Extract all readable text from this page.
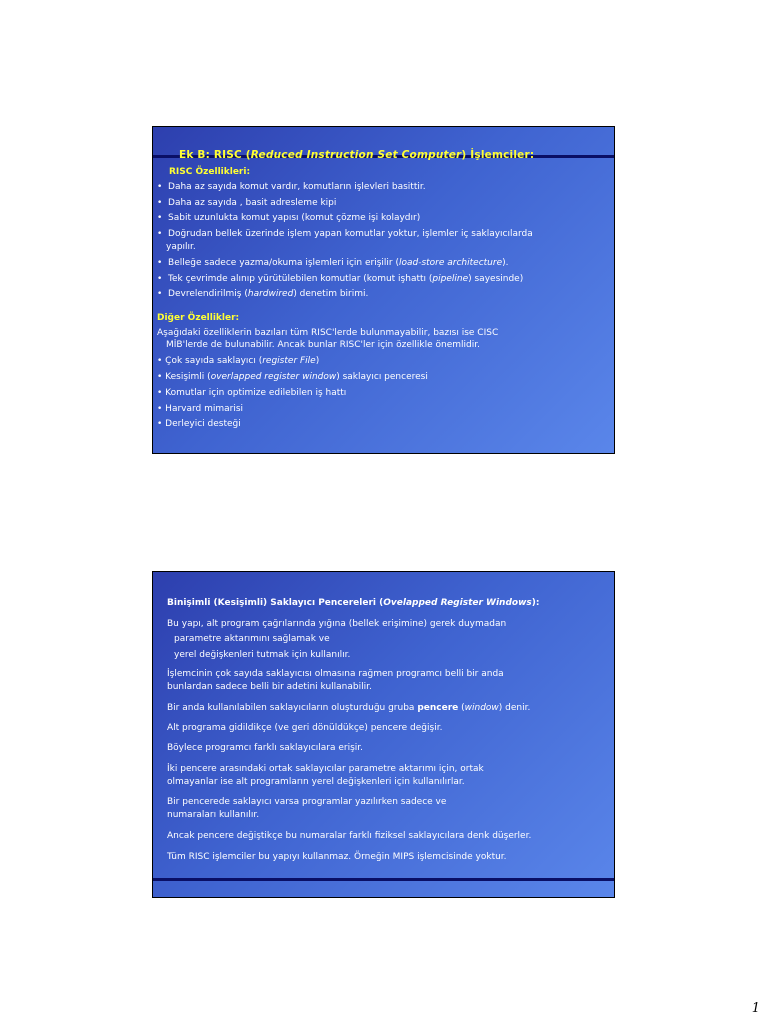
Ek B: RISC (Reduced Instruction Set Computer) İşlemciler:
RISC Özellikleri:
•  Daha az sayıda komut vardır, komutların işlevleri basittir.
•  Daha az sayıda , basit adresleme kipi
•  Sabit uzunlukta komut yapısı (komut çözme işi kolaydır)
•  Doğrudan bellek üzerinde işlem yapan komutlar yoktur, işlemler iç saklayıcılarda
yapılır.
•  Belleğe sadece yazma/okuma işlemleri için erişilir (load-store architecture).
•  Tek çevrimde alınıp yürütülebilen komutlar (komut işhattı (pipeline) sayesinde)
•  Devrelendirilmiş (hardwired) denetim birimi.
Diğer Özellikler:
Aşağıdaki özelliklerin bazıları tüm RISC'lerde bulunmayabilir, bazısı ise CISC
MİB'lerde de bulunabilir. Ancak bunlar RISC'ler için özellikle önemlidir.
• Çok sayıda saklayıcı (register File)
• Kesişimli (overlapped register window) saklayıcı penceresi
• Komutlar için optimize edilebilen iş hattı
• Harvard mimarisi
• Derleyici desteği
Binişimli (Kesişimli) Saklayıcı Pencereleri (Ovelapped Register Windows):
Bu yapı, alt program çağrılarında yığına (bellek erişimine) gerek duymadan
parametre aktarımını sağlamak ve
yerel değişkenleri tutmak için kullanılır.
İşlemcinin çok sayıda saklayıcısı olmasına rağmen programcı belli bir anda
bunlardan sadece belli bir adetini kullanabilir.
Bir anda kullanılabilen saklayıcıların oluşturduğu gruba pencere (window) denir.
Alt programa gidildikçe (ve geri dönüldükçe) pencere değişir.
Böylece programcı farklı saklayıcılara erişir.
İki pencere arasındaki ortak saklayıcılar parametre aktarımı için, ortak
olmayanlar ise alt programların yerel değişkenleri için kullanılırlar.
Bir pencerede saklayıcı varsa programlar yazılırken sadece ve
numaraları kullanılır.
Ancak pencere değiştikçe bu numaralar farklı fiziksel saklayıcılara denk düşerler.
Tüm RISC işlemciler bu yapıyı kullanmaz. Örneğin MIPS işlemcisinde yoktur.
1
